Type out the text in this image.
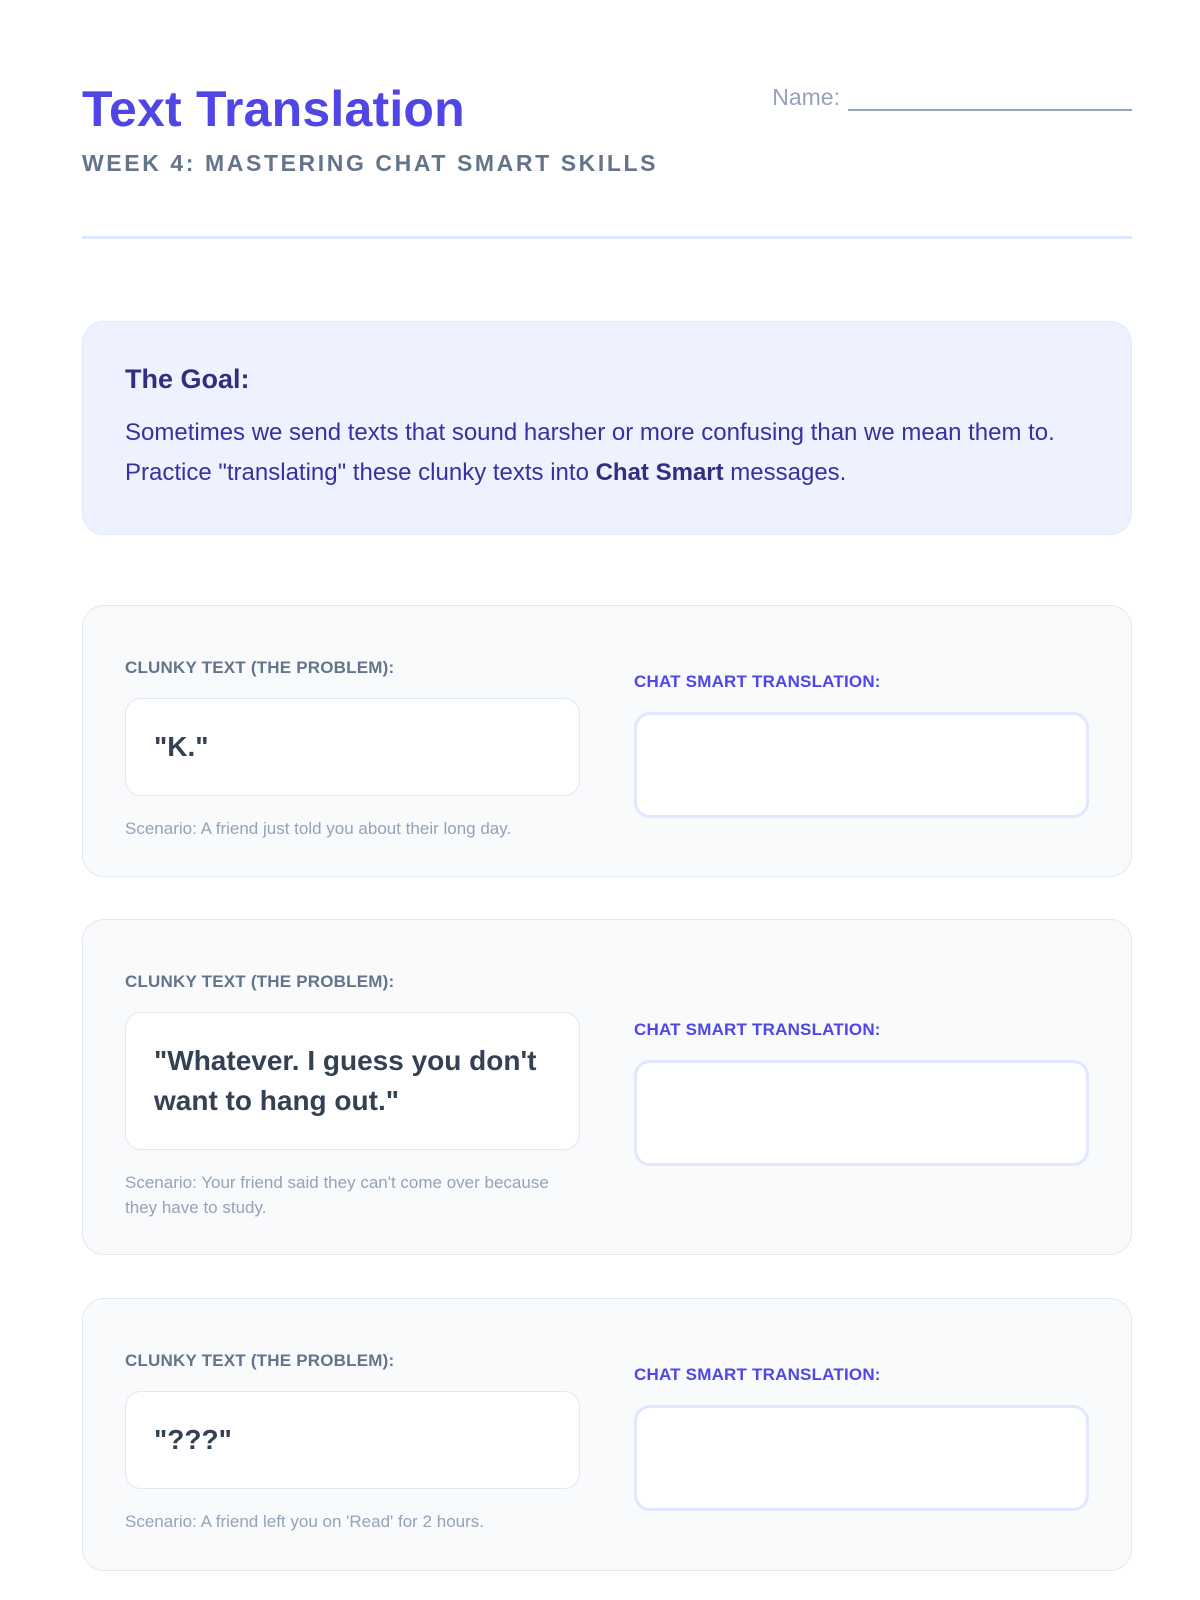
Text Translation

WEEK 4: MASTERING CHAT SMART SKILLS

Name:

The Goal:

Sometimes we send texts that sound harsher or more confusing than we mean them to. Practice "translating" these clunky texts into Chat Smart messages.

CLUNKY TEXT (THE PROBLEM):
"K."
Scenario: A friend just told you about their long day.
CHAT SMART TRANSLATION:
CLUNKY TEXT (THE PROBLEM):
"Whatever. I guess you don't want to hang out."
Scenario: Your friend said they can't come over because they have to study.
CHAT SMART TRANSLATION:
CLUNKY TEXT (THE PROBLEM):
"???"
Scenario: A friend left you on 'Read' for 2 hours.
CHAT SMART TRANSLATION:
